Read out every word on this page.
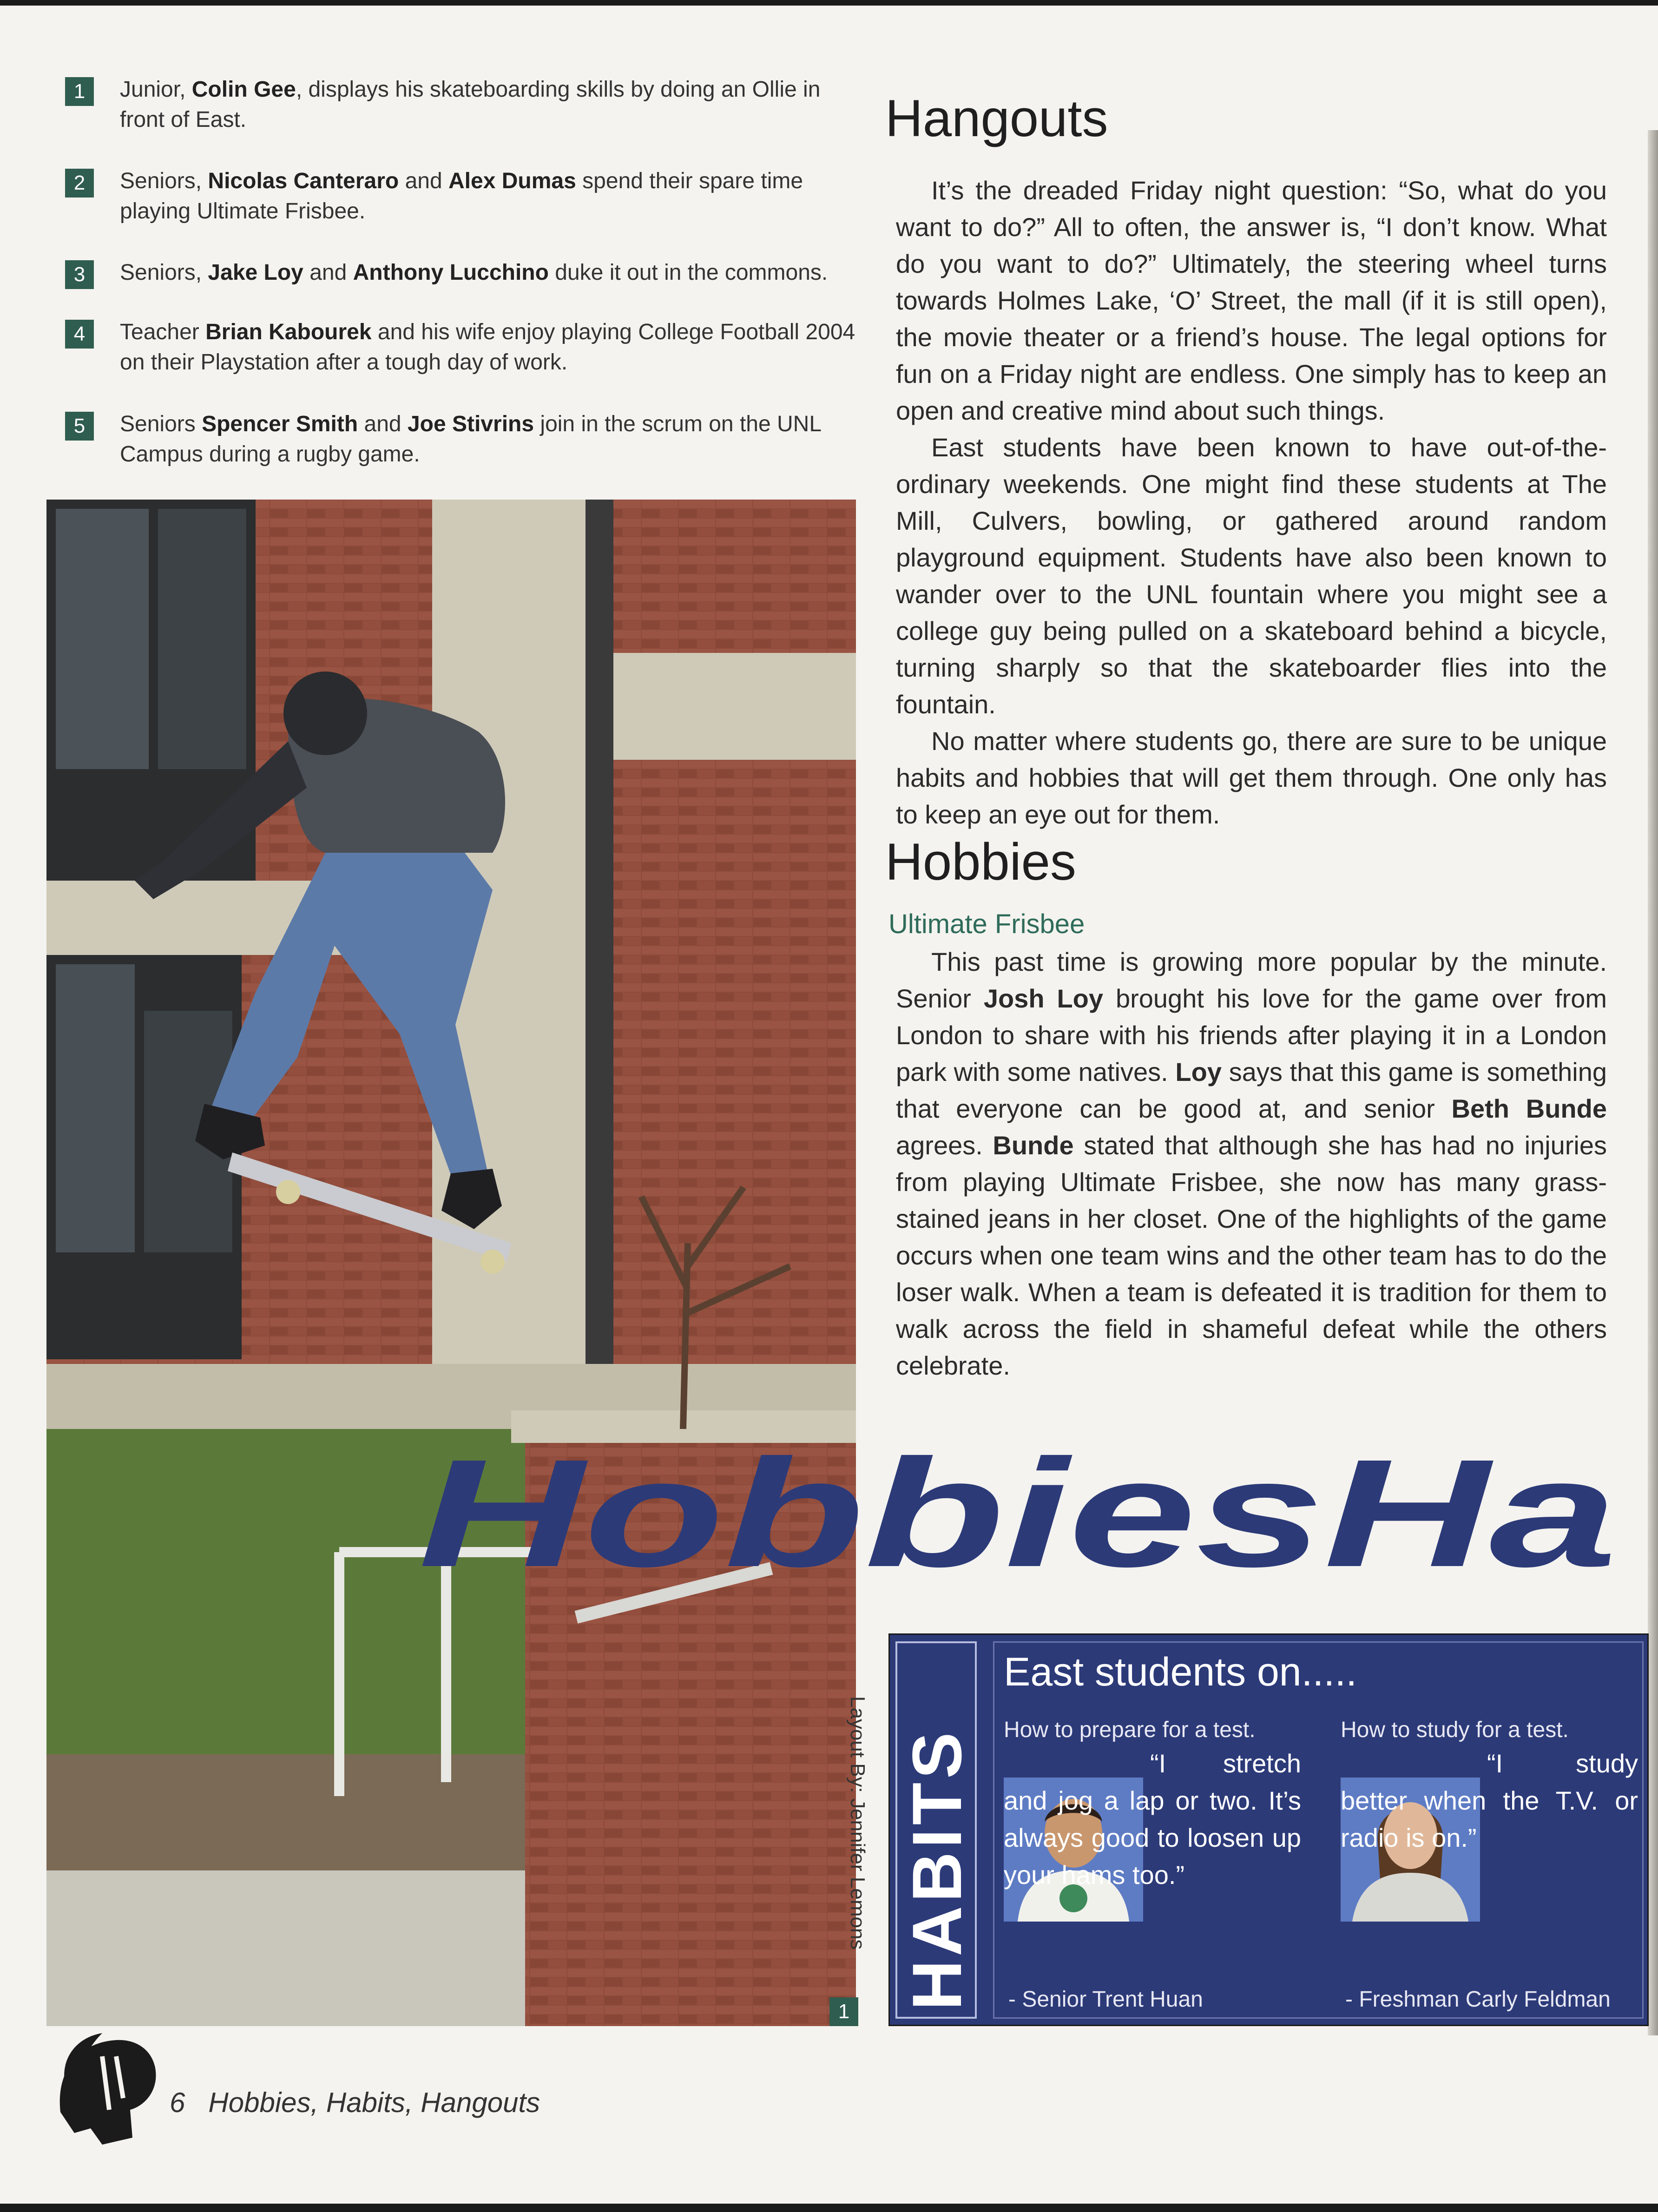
1	Junior, Colin Gee, displays his skateboarding skills by doing an Ollie in front of East.
2	Seniors, Nicolas Canteraro and Alex Dumas spend their spare time playing Ultimate Frisbee.
3	Seniors, Jake Loy and Anthony Lucchino duke it out in the commons.
4	Teacher Brian Kabourek and his wife enjoy playing College Football 2004 on their Playstation after a tough day of work.
5	Seniors Spencer Smith and Joe Stivrins join in the scrum on the UNL Campus during a rugby game.
1
Layout By: Jennifer Lemons
Hangouts

It’s the dreaded Friday night question: “So, what do you want to do?” All to often, the answer is, “I don’t know. What do you want to do?” Ultimately, the steering wheel turns towards Holmes Lake, ‘O’ Street, the mall (if it is still open), the movie theater or a friend’s house. The legal options for fun on a Friday night are endless. One simply has to keep an open and creative mind about such things.

East students have been known to have out-of-the-ordinary weekends. One might find these students at The Mill, Culvers, bowling, or gathered around random playground equipment. Students have also been known to wander over to the UNL fountain where you might see a college guy being pulled on a skateboard behind a bicycle, turning sharply so that the skateboarder flies into the fountain.

No matter where students go, there are sure to be unique habits and hobbies that will get them through. One only has to keep an eye out for them.

Hobbies
Ultimate Frisbee

This past time is growing more popular by the minute. Senior Josh Loy brought his love for the game over from London to share with his friends after playing it in a London park with some natives. Loy says that this game is something that everyone can be good at, and senior Beth Bunde agrees. Bunde stated that although she has had no injuries from playing Ultimate Frisbee, she now has many grass-stained jeans in her closet. One of the highlights of the game occurs when one team wins and the other team has to do the loser walk. When a team is defeated it is tradition for them to walk across the field in shameful defeat while the others celebrate.

HobbiesHa
HABITS
East students on.....
How to prepare for a test.
“I stretch and jog a lap or two. It’s always good to loosen up your hams too.”
- Senior Trent Huan
How to study for a test.
“I study better when the T.V. or radio is on.”
- Freshman Carly Feldman
6 Hobbies, Habits, Hangouts
